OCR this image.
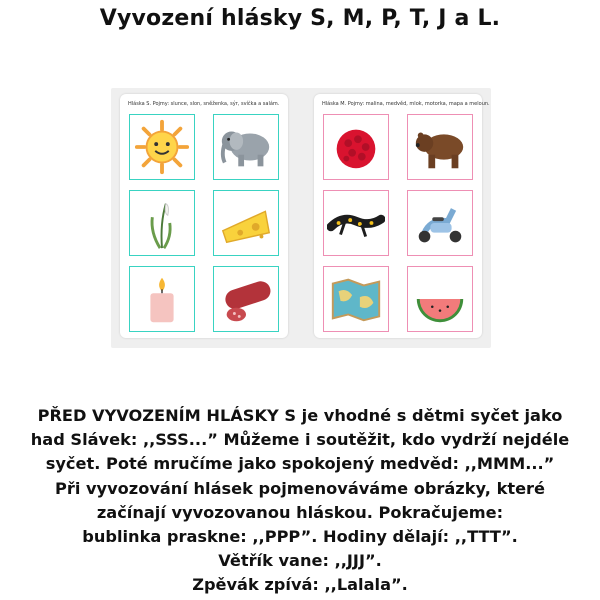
Vyvození hlásky S, M, P, T, J a L.
Hláska S. Pojmy: slunce, slon, sněženka, sýr, svíčka a salám.	Hláska M. Pojmy: malina, medvěd, mlok, motorka, mapa a meloun.

PŘED VYVOZENÍM HLÁSKY S je vhodné s dětmi syčet jako

had Slávek: ,,SSS...” Můžeme i soutěžit, kdo vydrží nejdéle

syčet. Poté mručíme jako spokojený medvěd: ,,MMM...”

Při vyvozování hlásek pojmenováváme obrázky, které

začínají vyvozovanou hláskou. Pokračujeme:

bublinka praskne: ,,PPP”. Hodiny dělají: ,,TTT”.

Větřík vane: ,,JJJ”.

Zpěvák zpívá: ,,Lalala”.
